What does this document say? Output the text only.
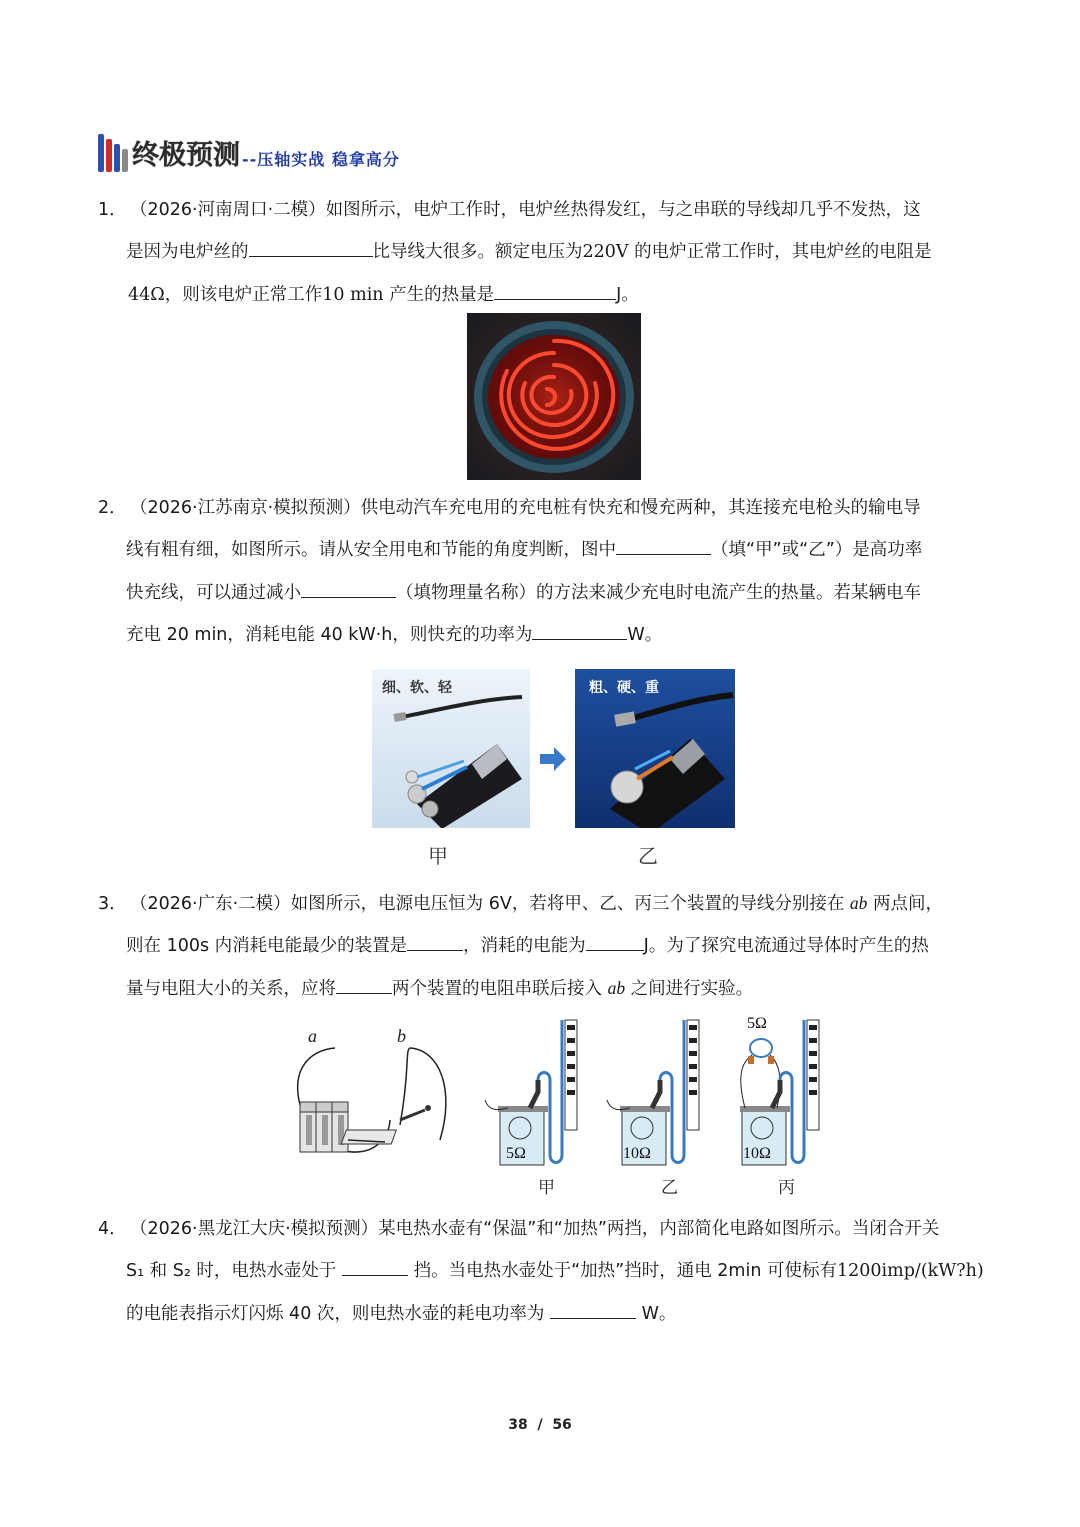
终极预测 --压轴实战 稳拿高分
1． （2026·河南周口·二模）如图所示，电炉工作时，电炉丝热得发红，与之串联的导线却几乎不发热，这
是因为电炉丝的	比导线大很多。额定电压为220V 的电炉正常工作时，其电炉丝的电阻是
44Ω，则该电炉正常工作10 min 产生的热量是	J。
2． （2026·江苏南京·模拟预测）供电动汽车充电用的充电桩有快充和慢充两种，其连接充电枪头的输电导
线有粗有细，如图所示。请从安全用电和节能的角度判断，图中	（填“甲”或“乙”）是高功率
快充线，可以通过减小	（填物理量名称）的方法来减少充电时电流产生的热量。若某辆电车
充电 20 min，消耗电能 40 kW·h，则快充的功率为	W。
细、软、轻	粗、硬、重
甲	乙
3． （2026·广东·二模）如图所示，电源电压恒为 6V，若将甲、乙、丙三个装置的导线分别接在 ab 两点间，
则在 100s 内消耗电能最少的装置是	，消耗的电能为	J。为了探究电流通过导体时产生的热
量与电阻大小的关系，应将	两个装置的电阻串联后接入 ab 之间进行实验。
5Ω	10Ω
5Ω
10Ω
a	b
甲	乙	丙
4． （2026·黑龙江大庆·模拟预测）某电热水壶有“保温”和“加热”两挡，内部简化电路如图所示。当闭合开关
S₁ 和 S₂ 时，电热水壶处于	挡。当电热水壶处于“加热”挡时，通电 2min 可使标有1200imp/(kW?h)
的电能表指示灯闪烁 40 次，则电热水壶的耗电功率为	W。
38 / 56
